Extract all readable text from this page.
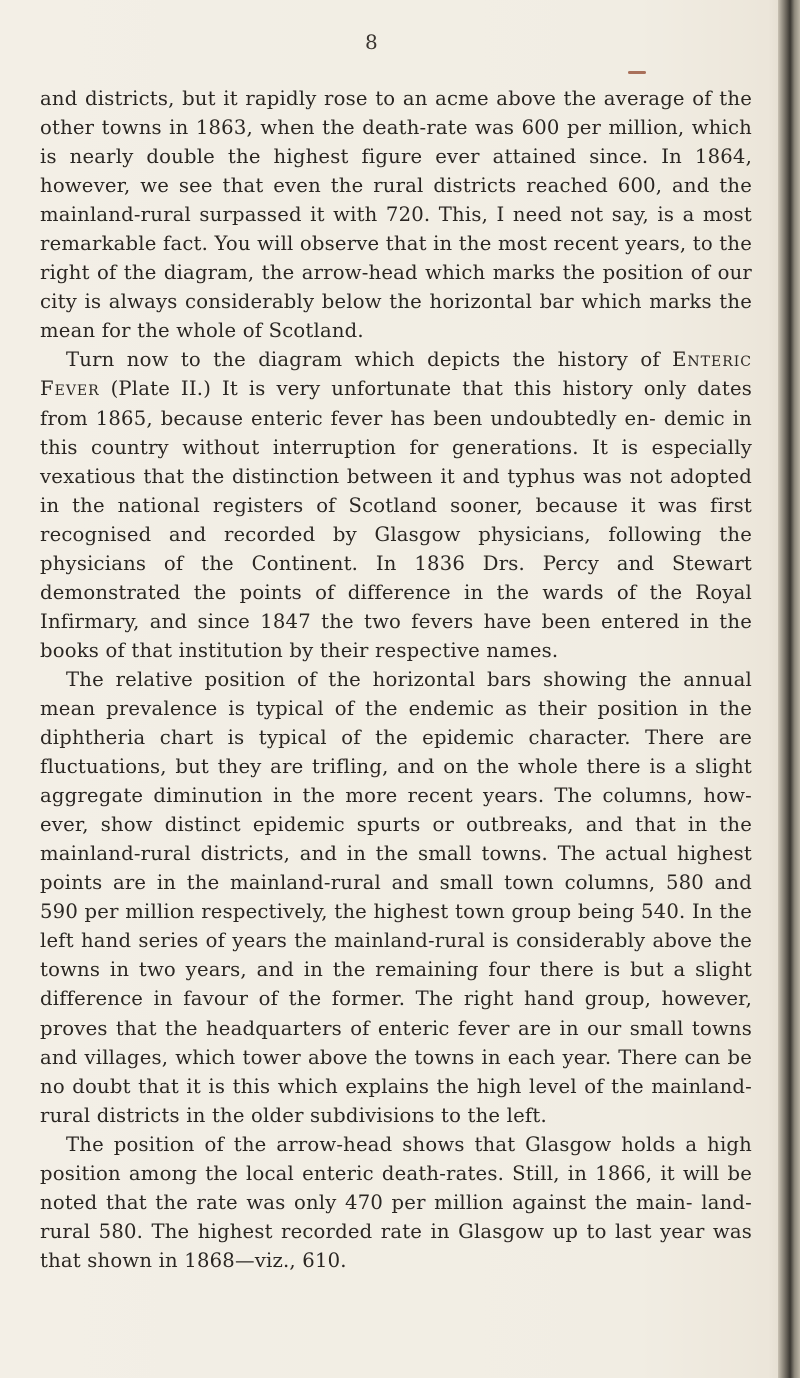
8

and districts, but it rapidly rose to an acme above the average of the other towns in 1863, when the death-rate was 600 per million, which is nearly double the highest figure ever attained since. In 1864, however, we see that even the rural districts reached 600, and the mainland-rural surpassed it with 720. This, I need not say, is a most remarkable fact. You will observe that in the most recent years, to the right of the diagram, the arrow-head which marks the position of our city is always considerably below the horizontal bar which marks the mean for the whole of Scotland.

Turn now to the diagram which depicts the history of Enteric Fever (Plate II.) It is very unfortunate that this history only dates from 1865, because enteric fever has been undoubtedly en- demic in this country without interruption for generations. It is especially vexatious that the distinction between it and typhus was not adopted in the national registers of Scotland sooner, because it was first recognised and recorded by Glasgow physicians, following the physicians of the Continent. In 1836 Drs. Percy and Stewart demonstrated the points of difference in the wards of the Royal Infirmary, and since 1847 the two fevers have been entered in the books of that institution by their respective names.

The relative position of the horizontal bars showing the annual mean prevalence is typical of the endemic as their position in the diphtheria chart is typical of the epidemic character. There are fluctuations, but they are trifling, and on the whole there is a slight aggregate diminution in the more recent years. The columns, how- ever, show distinct epidemic spurts or outbreaks, and that in the mainland-rural districts, and in the small towns. The actual highest points are in the mainland-rural and small town columns, 580 and 590 per million respectively, the highest town group being 540. In the left hand series of years the mainland-rural is considerably above the towns in two years, and in the remaining four there is but a slight difference in favour of the former. The right hand group, however, proves that the headquarters of enteric fever are in our small towns and villages, which tower above the towns in each year. There can be no doubt that it is this which explains the high level of the mainland-rural districts in the older subdivisions to the left.

The position of the arrow-head shows that Glasgow holds a high position among the local enteric death-rates. Still, in 1866, it will be noted that the rate was only 470 per million against the main- land-rural 580. The highest recorded rate in Glasgow up to last year was that shown in 1868—viz., 610.
